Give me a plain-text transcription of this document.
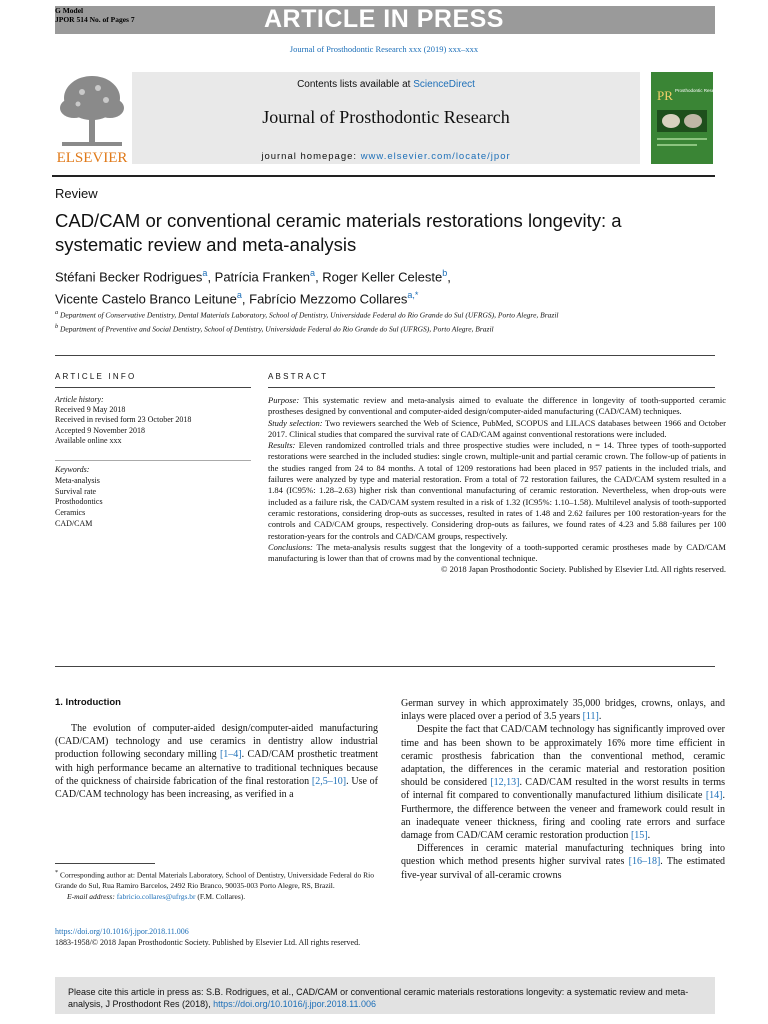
G Model
JPOR 514 No. of Pages 7	ARTICLE IN PRESS
Journal of Prosthodontic Research xxx (2019) xxx–xxx
ELSEVIER
Contents lists available at ScienceDirect
Journal of Prosthodontic Research
journal homepage: www.elsevier.com/locate/jpor
PR Prosthodontic Research
Review
CAD/CAM or conventional ceramic materials restorations longevity: a systematic review and meta-analysis
Stéfani Becker Rodrigues$^a$, Patrícia Franken$^a$, Roger Keller Celeste$^b$,
Vicente Castelo Branco Leitune$^a$, Fabrício Mezzomo Collares$^{a,*}$
$^a$ Department of Conservative Dentistry, Dental Materials Laboratory, School of Dentistry, Universidade Federal do Rio Grande do Sul (UFRGS), Porto Alegre, Brazil
$^b$ Department of Preventive and Social Dentistry, School of Dentistry, Universidade Federal do Rio Grande do Sul (UFRGS), Porto Alegre, Brazil
ARTICLE INFO	ABSTRACT
Article history:
Received 9 May 2018
Received in revised form 23 October 2018
Accepted 9 November 2018
Available online xxx
Keywords:
Meta-analysis
Survival rate
Prosthodontics
Ceramics
CAD/CAM

Purpose: This systematic review and meta-analysis aimed to evaluate the difference in longevity of tooth-supported ceramic prostheses designed by conventional and computer-aided design/computer-aided manufacturing (CAD/CAM) techniques.

Study selection: Two reviewers searched the Web of Science, PubMed, SCOPUS and LILACS databases between 1966 and October 2017. Clinical studies that compared the survival rate of CAD/CAM against conventional restorations were included.

Results: Eleven randomized controlled trials and three prospective studies were included, n = 14. Three types of tooth-supported restorations were searched in the included studies: single crown, multiple-unit and partial ceramic crown. The follow-up of patients in the studies ranged from 24 to 84 months. A total of 1209 restorations had been placed in 957 patients in the included trials, and failures were analyzed by type and material restoration. From a total of 72 restoration failures, the CAD/CAM system resulted in a 1.84 (IC95%: 1.28–2.63) higher risk than conventional manufacturing of ceramic restoration. Nevertheless, when drop-outs were included as a failure risk, the CAD/CAM system resulted in a risk of 1.32 (IC95%: 1.10–1.58). Multilevel analysis of tooth-supported ceramic restorations, considering drop-outs as successes, resulted in rates of 1.48 and 2.62 failures per 100 restoration-years for the controls and CAD/CAM groups, respectively. Considering drop-outs as failures, we found rates of 4.23 and 5.88 failures per 100 restoration-years for the controls and CAD/CAM groups, respectively.

Conclusions: The meta-analysis results suggest that the longevity of a tooth-supported ceramic prostheses made by CAD/CAM manufacturing is lower than that of crowns mad by the conventional technique.

© 2018 Japan Prosthodontic Society. Published by Elsevier Ltd. All rights reserved.

1. Introduction

The evolution of computer-aided design/computer-aided manufacturing (CAD/CAM) technology and use ceramics in dentistry allow industrial production following secondary milling [1–4]. CAD/CAM prosthetic treatment with high performance became an alternative to traditional techniques because of the quickness of chairside fabrication of the final restoration [2,5–10]. Use of CAD/CAM technology has been increasing, as verified in a

German survey in which approximately 35,000 bridges, crowns, onlays, and inlays were placed over a period of 3.5 years [11].

Despite the fact that CAD/CAM technology has significantly improved over time and has been shown to be approximately 16% more time efficient in ceramic prosthesis fabrication than the conventional method, ceramic adaptation, the differences in the ceramic material and restoration position should be considered [12,13]. CAD/CAM resulted in the worst results in terms of internal fit compared to conventionally manufactured lithium disilicate [14]. Furthermore, the difference between the veneer and framework could result in an inadequate veneer thickness, firing and cooling rate errors and surface damage from CAD/CAM ceramic restoration production [15].

Differences in ceramic material manufacturing techniques bring into question which method presents higher survival rates [16–18]. The estimated five-year survival of all-ceramic crowns

* Corresponding author at: Dental Materials Laboratory, School of Dentistry, Universidade Federal do Rio Grande do Sul, Rua Ramiro Barcelos, 2492 Rio Branco, 90035-003 Porto Alegre, RS, Brazil.
E-mail address: fabricio.collares@ufrgs.br (F.M. Collares).
https://doi.org/10.1016/j.jpor.2018.11.006
1883-1958/© 2018 Japan Prosthodontic Society. Published by Elsevier Ltd. All rights reserved.
Please cite this article in press as: S.B. Rodrigues, et al., CAD/CAM or conventional ceramic materials restorations longevity: a systematic review and meta-analysis, J Prosthodont Res (2018), https://doi.org/10.1016/j.jpor.2018.11.006
